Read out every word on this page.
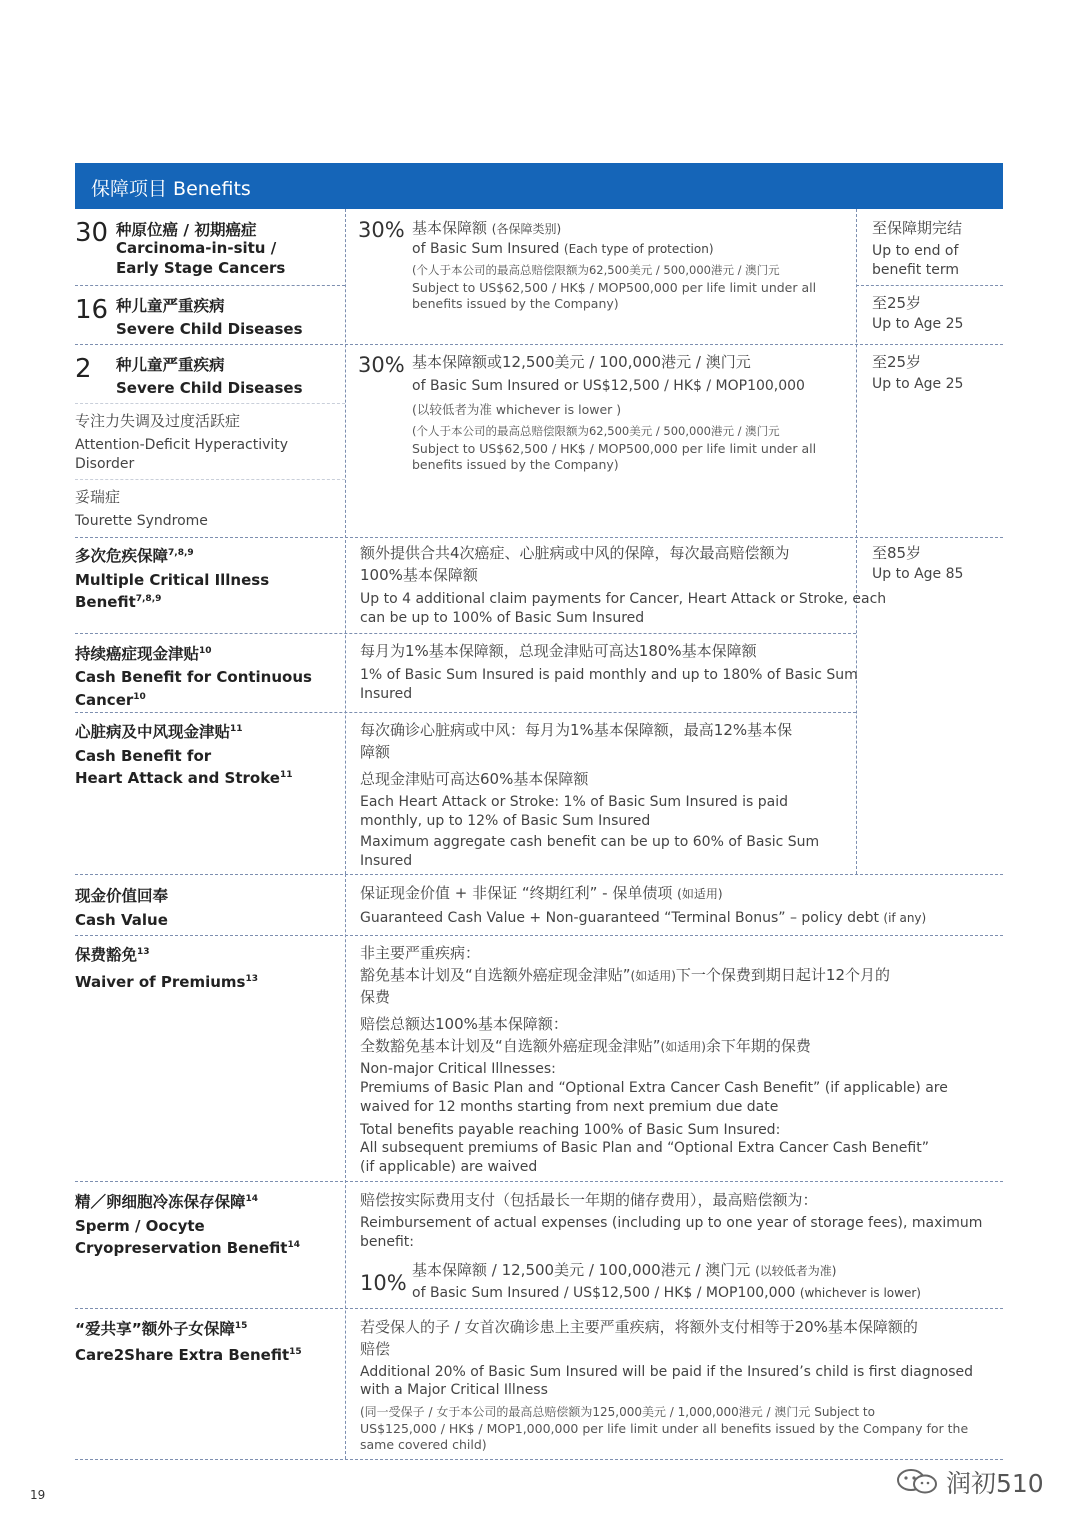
保障项目 Benefits
30 种原位癌 / 初期癌症
Carcinoma-in-situ /
Early Stage Cancers
16 种儿童严重疾病
Severe Child Diseases
30% 基本保障额 (各保障类别)
of Basic Sum Insured (Each type of protection)
(个人于本公司的最高总赔偿限额为62,500美元 / 500,000港元 / 澳门元
Subject to US$62,500 / HK$ / MOP500,000 per life limit under all
benefits issued by the Company)
至保障期完结
Up to end of
benefit term
至25岁
Up to Age 25
2 种儿童严重疾病
Severe Child Diseases
专注力失调及过度活跃症
Attention-Deficit Hyperactivity
Disorder
妥瑞症
Tourette Syndrome
30% 基本保障额或12,500美元 / 100,000港元 / 澳门元
of Basic Sum Insured or US$12,500 / HK$ / MOP100,000
(以较低者为准 whichever is lower )
(个人于本公司的最高总赔偿限额为62,500美元 / 500,000港元 / 澳门元
Subject to US$62,500 / HK$ / MOP500,000 per life limit under all
benefits issued by the Company)
至25岁
Up to Age 25
多次危疾保障$^{7,8,9}$
Multiple Critical Illness
Benefit$^{7,8,9}$
额外提供合共4次癌症、心脏病或中风的保障，每次最高赔偿额为
100%基本保障额
Up to 4 additional claim payments for Cancer, Heart Attack or Stroke, each
can be up to 100% of Basic Sum Insured
至85岁
Up to Age 85
持续癌症现金津贴$^{10}$
Cash Benefit for Continuous
Cancer$^{10}$
每月为1%基本保障额，总现金津贴可高达180%基本保障额
1% of Basic Sum Insured is paid monthly and up to 180% of Basic Sum
Insured
心脏病及中风现金津贴$^{11}$
Cash Benefit for
Heart Attack and Stroke$^{11}$
每次确诊心脏病或中风：每月为1%基本保障额，最高12%基本保
障额
总现金津贴可高达60%基本保障额
Each Heart Attack or Stroke: 1% of Basic Sum Insured is paid
monthly, up to 12% of Basic Sum Insured
Maximum aggregate cash benefit can be up to 60% of Basic Sum
Insured
现金价值回奉
Cash Value
保证现金价值 + 非保证 “终期红利” - 保单债项 (如适用)
Guaranteed Cash Value + Non-guaranteed “Terminal Bonus” – policy debt (if any)
保费豁免$^{13}$
Waiver of Premiums$^{13}$
非主要严重疾病：
豁免基本计划及“自选额外癌症现金津贴”(如适用)下一个保费到期日起计12个月的
保费
赔偿总额达100%基本保障额：
全数豁免基本计划及“自选额外癌症现金津贴”(如适用)余下年期的保费
Non-major Critical Illnesses:
Premiums of Basic Plan and “Optional Extra Cancer Cash Benefit” (if applicable) are
waived for 12 months starting from next premium due date
Total benefits payable reaching 100% of Basic Sum Insured:
All subsequent premiums of Basic Plan and “Optional Extra Cancer Cash Benefit”
(if applicable) are waived
精／卵细胞冷冻保存保障$^{14}$
Sperm / Oocyte
Cryopreservation Benefit$^{14}$
赔偿按实际费用支付（包括最长一年期的储存费用），最高赔偿额为：
Reimbursement of actual expenses (including up to one year of storage fees), maximum
benefit:
10%
基本保障额 / 12,500美元 / 100,000港元 / 澳门元 (以较低者为准)
of Basic Sum Insured / US$12,500 / HK$ / MOP100,000 (whichever is lower)
“爱共享”额外子女保障$^{15}$
Care2Share Extra Benefit$^{15}$
若受保人的子 / 女首次确诊患上主要严重疾病，将额外支付相等于20%基本保障额的
赔偿
Additional 20% of Basic Sum Insured will be paid if the Insured’s child is first diagnosed
with a Major Critical Illness
(同一受保子 / 女于本公司的最高总赔偿额为125,000美元 / 1,000,000港元 / 澳门元 Subject to
US$125,000 / HK$ / MOP1,000,000 per life limit under all benefits issued by the Company for the
same covered child)
19	润初510
